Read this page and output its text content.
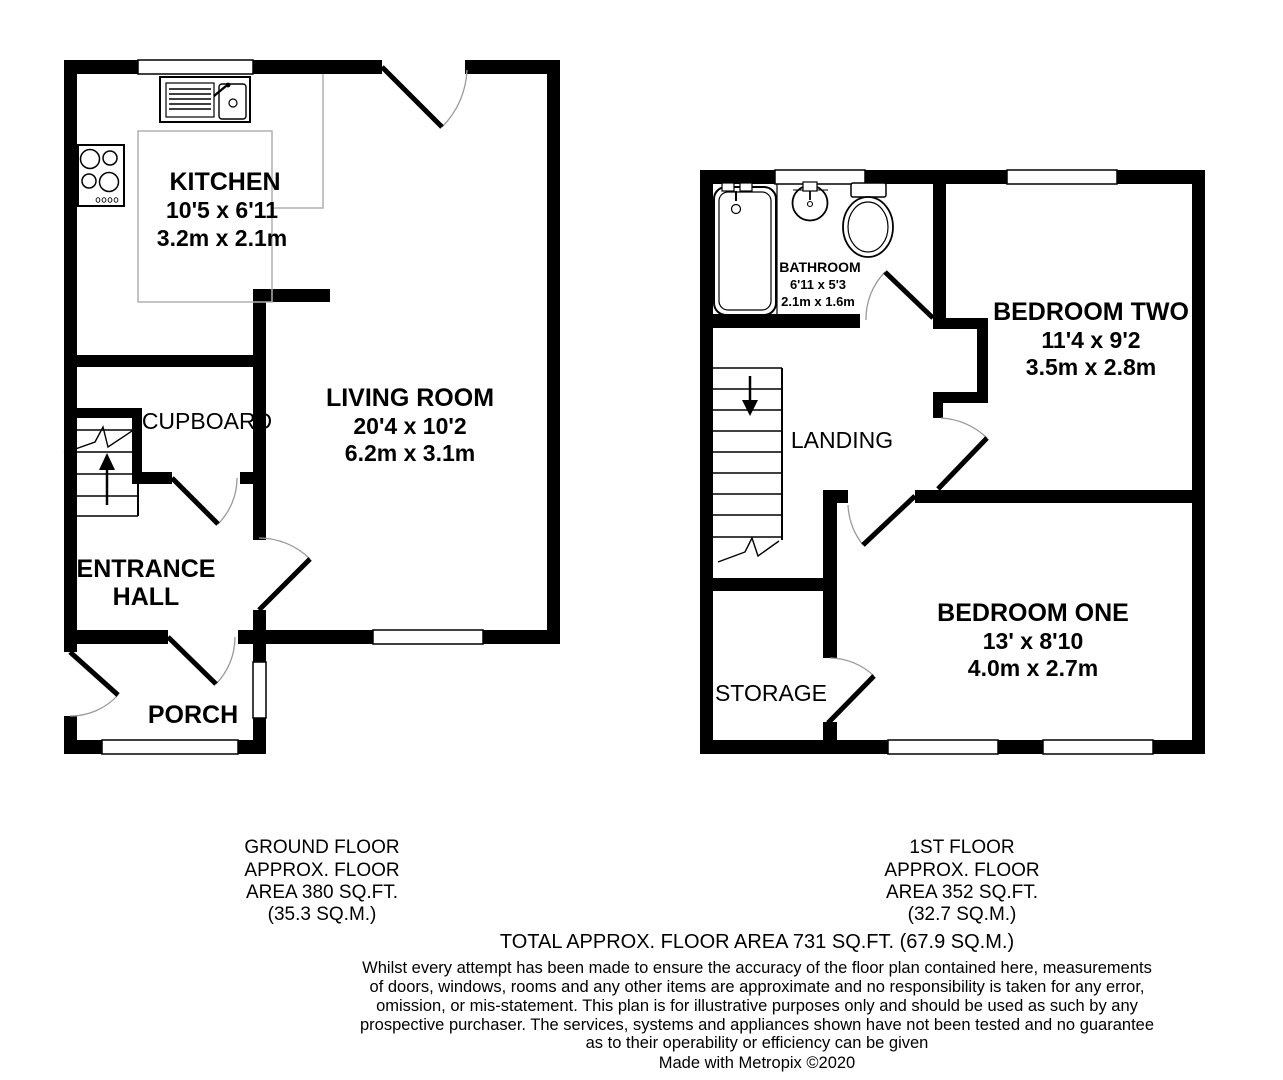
KITCHEN
10'5 x 6'11
3.2m x 2.1m
LIVING ROOM
20'4 x 10'2
6.2m x 3.1m
CUPBOARD
ENTRANCE
HALL
PORCH
BATHROOM
6'11 x 5'3
2.1m x 1.6m	BEDROOM TWO
11'4 x 9'2
3.5m x 2.8m
LANDING
BEDROOM ONE
13' x 8'10
4.0m x 2.7m
STORAGE
GROUND FLOOR
APPROX. FLOOR
AREA 380 SQ.FT.
(35.3 SQ.M.)
1ST FLOOR
APPROX. FLOOR
AREA 352 SQ.FT.
(32.7 SQ.M.)
TOTAL APPROX. FLOOR AREA 731 SQ.FT. (67.9 SQ.M.)
Whilst every attempt has been made to ensure the accuracy of the floor plan contained here, measurements
of doors, windows, rooms and any other items are approximate and no responsibility is taken for any error,
omission, or mis-statement. This plan is for illustrative purposes only and should be used as such by any
prospective purchaser. The services, systems and appliances shown have not been tested and no guarantee
as to their operability or efficiency can be given
Made with Metropix ©2020
